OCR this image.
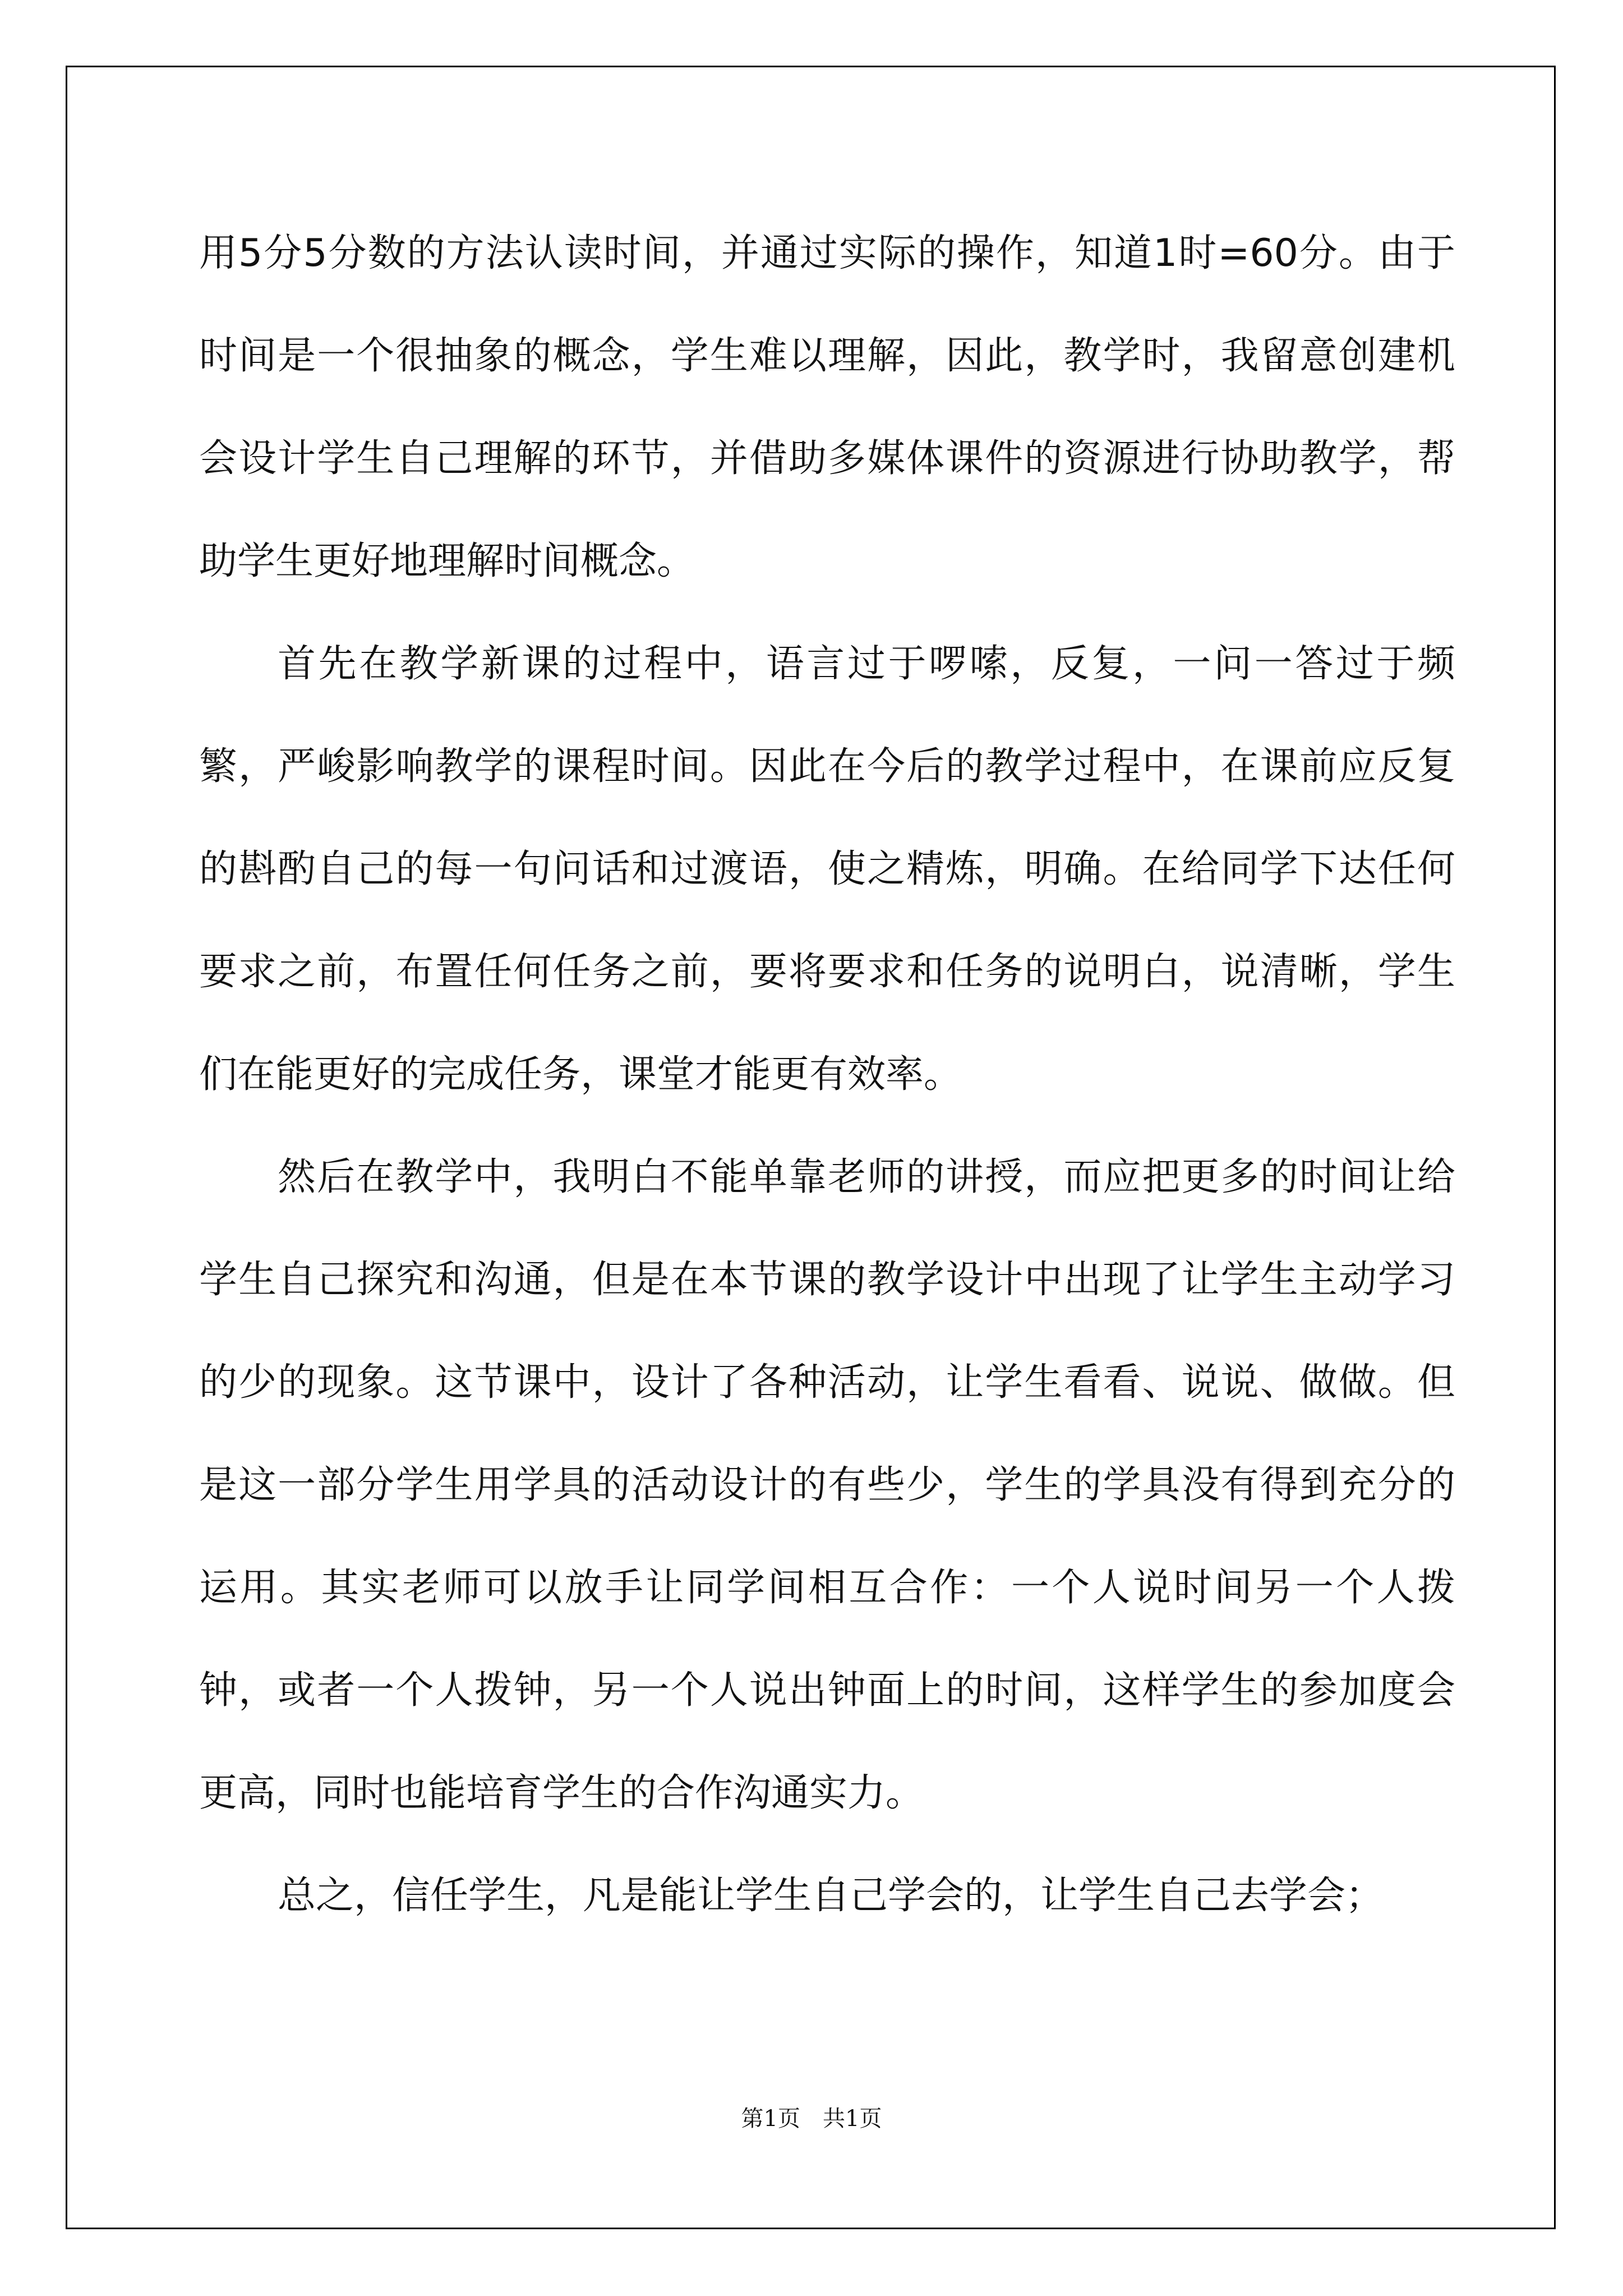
用5分5分数的方法认读时间，并通过实际的操作，知道1时=60分。由于时间是一个很抽象的概念，学生难以理解，因此，教学时，我留意创建机会设计学生自己理解的环节，并借助多媒体课件的资源进行协助教学，帮助学生更好地理解时间概念。

首先在教学新课的过程中，语言过于啰嗦，反复，一问一答过于频繁，严峻影响教学的课程时间。因此在今后的教学过程中，在课前应反复的斟酌自己的每一句问话和过渡语，使之精炼，明确。在给同学下达任何要求之前，布置任何任务之前，要将要求和任务的说明白，说清晰，学生们在能更好的完成任务，课堂才能更有效率。

然后在教学中，我明白不能单靠老师的讲授，而应把更多的时间让给学生自己探究和沟通，但是在本节课的教学设计中出现了让学生主动学习的少的现象。这节课中，设计了各种活动，让学生看看、说说、做做。但是这一部分学生用学具的活动设计的有些少，学生的学具没有得到充分的运用。其实老师可以放手让同学间相互合作：一个人说时间另一个人拨钟，或者一个人拨钟，另一个人说出钟面上的时间，这样学生的参加度会更高，同时也能培育学生的合作沟通实力。

总之，信任学生，凡是能让学生自己学会的，让学生自己去学会；

第1页　共1页
